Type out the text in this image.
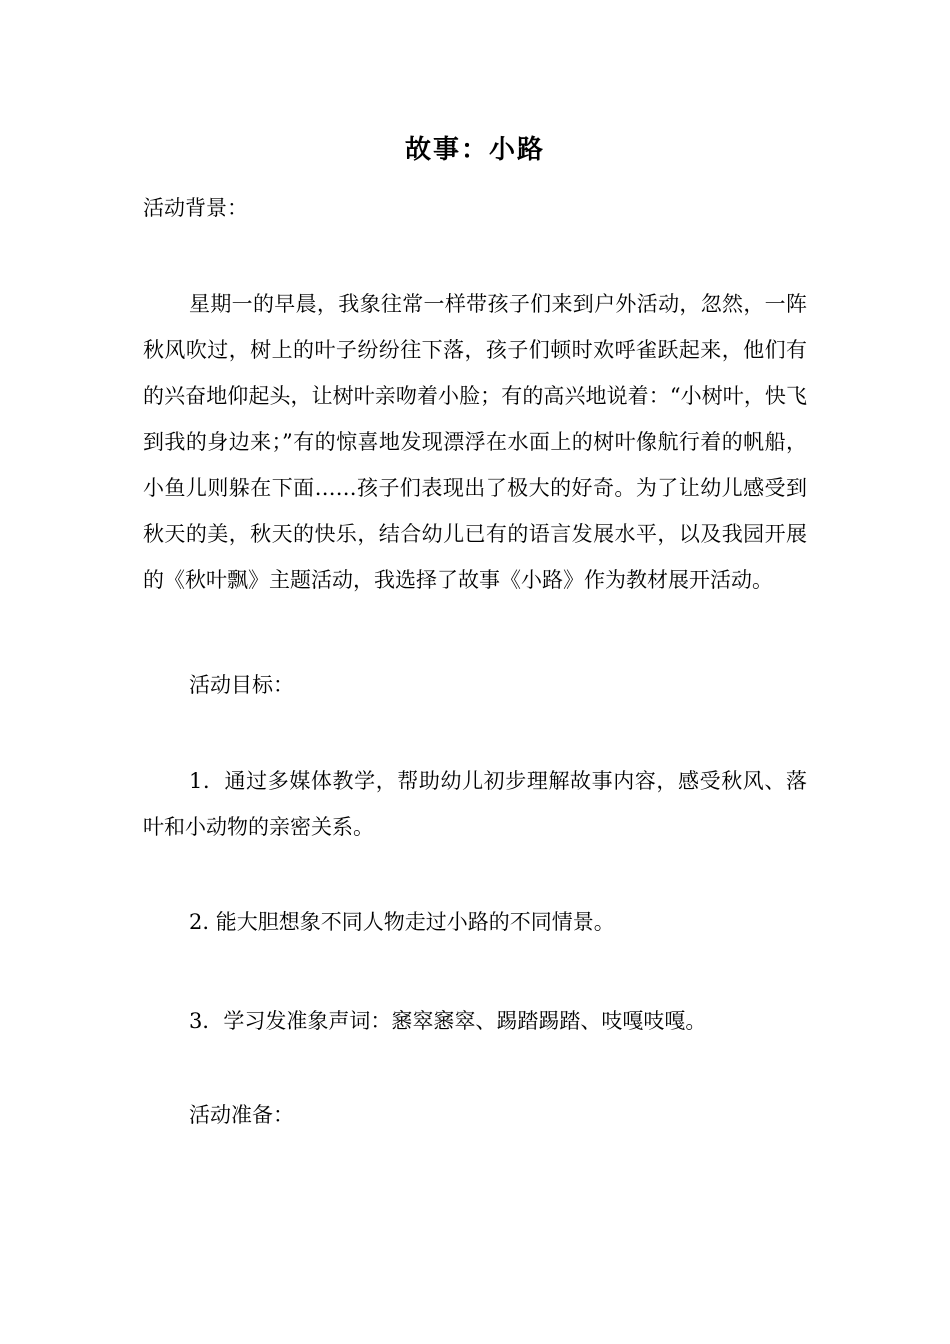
故事：小路
活动背景：
星期一的早晨，我象往常一样带孩子们来到户外活动，忽然，一阵秋风吹过，树上的叶子纷纷往下落，孩子们顿时欢呼雀跃起来，他们有的兴奋地仰起头，让树叶亲吻着小脸；有的高兴地说着：“小树叶，快飞到我的身边来；”有的惊喜地发现漂浮在水面上的树叶像航行着的帆船，小鱼儿则躲在下面……孩子们表现出了极大的好奇。为了让幼儿感受到秋天的美，秋天的快乐，结合幼儿已有的语言发展水平，以及我园开展的《秋叶飘》主题活动，我选择了故事《小路》作为教材展开活动。
活动目标：
1．通过多媒体教学，帮助幼儿初步理解故事内容，感受秋风、落叶和小动物的亲密关系。
2. 能大胆想象不同人物走过小路的不同情景。
3．学习发准象声词：窸窣窸窣、踢踏踢踏、吱嘎吱嘎。
活动准备：
